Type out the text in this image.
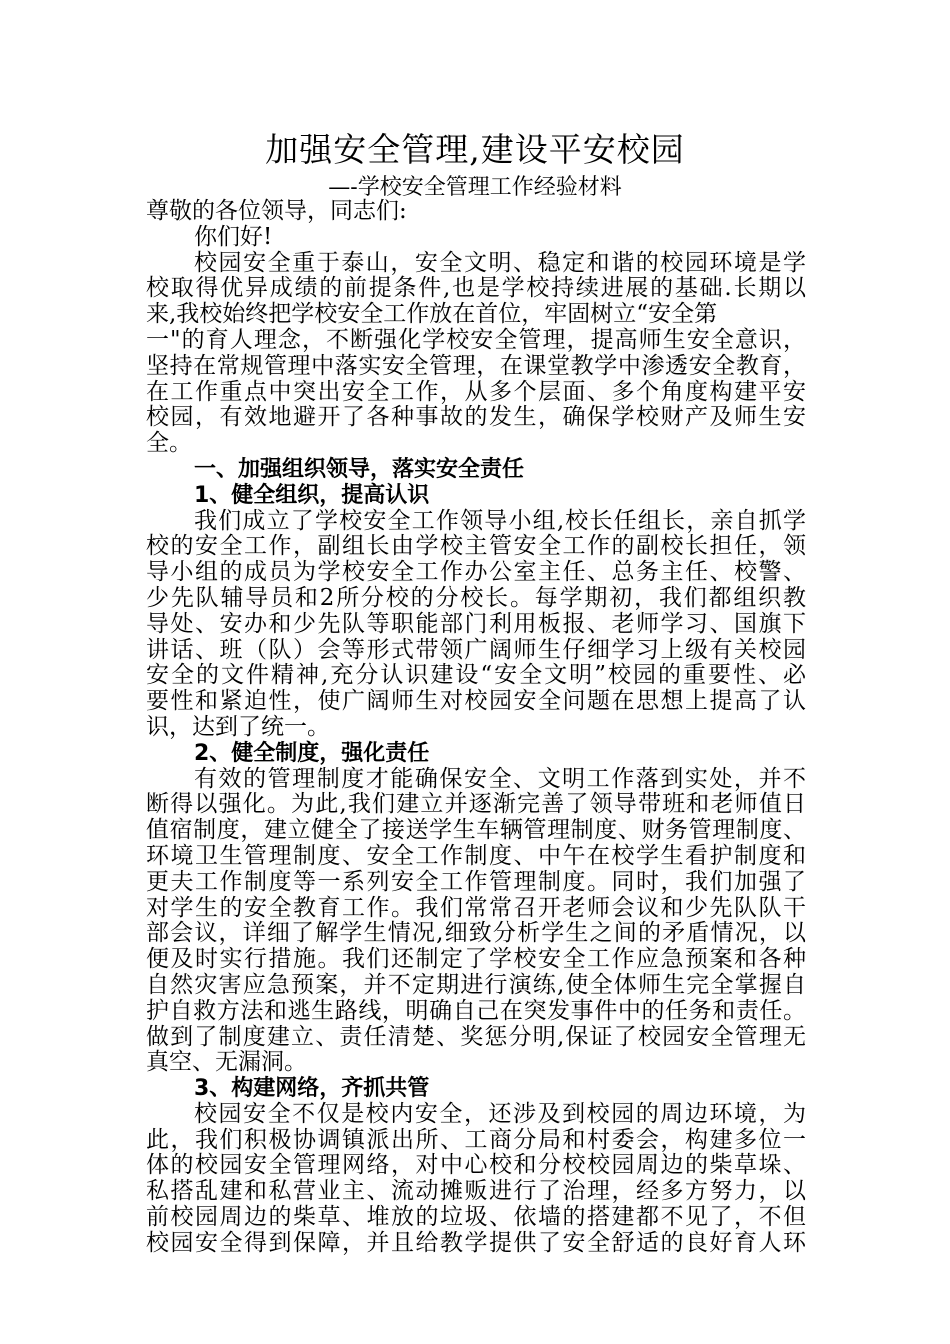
加强安全管理,建设平安校园
—-学校安全管理工作经验材料
尊敬的各位领导，同志们:
你们好!
校园安全重于泰山，安全文明、稳定和谐的校园环境是学
校取得优异成绩的前提条件,也是学校持续进展的基础.长期以
来,我校始终把学校安全工作放在首位，牢固树立“安全第
一"的育人理念，不断强化学校安全管理，提高师生安全意识，
坚持在常规管理中落实安全管理，在课堂教学中渗透安全教育，
在工作重点中突出安全工作，从多个层面、多个角度构建平安
校园，有效地避开了各种事故的发生，确保学校财产及师生安
全。
一、加强组织领导，落实安全责任
1、健全组织，提高认识
我们成立了学校安全工作领导小组,校长任组长，亲自抓学
校的安全工作，副组长由学校主管安全工作的副校长担任，领
导小组的成员为学校安全工作办公室主任、总务主任、校警、
少先队辅导员和2所分校的分校长。每学期初，我们都组织教
导处、安办和少先队等职能部门利用板报、老师学习、国旗下
讲话、班（队）会等形式带领广阔师生仔细学习上级有关校园
安全的文件精神,充分认识建设“安全文明”校园的重要性、必
要性和紧迫性，使广阔师生对校园安全问题在思想上提高了认
识，达到了统一。
2、健全制度，强化责任
有效的管理制度才能确保安全、文明工作落到实处，并不
断得以强化。为此,我们建立并逐渐完善了领导带班和老师值日
值宿制度，建立健全了接送学生车辆管理制度、财务管理制度、
环境卫生管理制度、安全工作制度、中午在校学生看护制度和
更夫工作制度等一系列安全工作管理制度。同时，我们加强了
对学生的安全教育工作。我们常常召开老师会议和少先队队干
部会议，详细了解学生情况,细致分析学生之间的矛盾情况，以
便及时实行措施。我们还制定了学校安全工作应急预案和各种
自然灾害应急预案，并不定期进行演练,使全体师生完全掌握自
护自救方法和逃生路线，明确自己在突发事件中的任务和责任。
做到了制度建立、责任清楚、奖惩分明,保证了校园安全管理无
真空、无漏洞。
3、构建网络，齐抓共管
校园安全不仅是校内安全，还涉及到校园的周边环境，为
此，我们积极协调镇派出所、工商分局和村委会，构建多位一
体的校园安全管理网络，对中心校和分校校园周边的柴草垛、
私搭乱建和私营业主、流动摊贩进行了治理，经多方努力，以
前校园周边的柴草、堆放的垃圾、依墙的搭建都不见了，不但
校园安全得到保障，并且给教学提供了安全舒适的良好育人环
